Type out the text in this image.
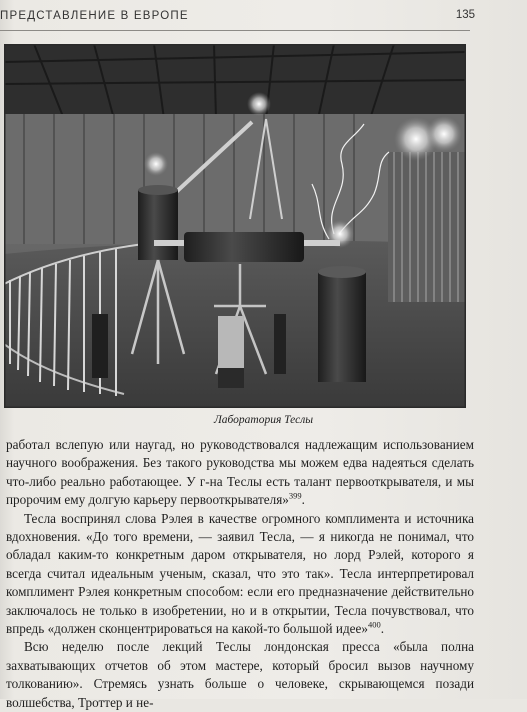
ПРЕДСТАВЛЕНИЕ В ЕВРОПЕ	135
Лаборатория Теслы

работал вслепую или наугад, но руководствовался надлежащим использованием научного воображения. Без такого руководства мы можем едва надеяться сделать что-либо реально работающее. У г-на Теслы есть талант первооткрывателя, и мы пророчим ему долгую карьеру первооткрывателя»$^{399}$.

Тесла воспринял слова Рэлея в качестве огромного комплимента и источника вдохновения. «До того времени, — заявил Тесла, — я никогда не понимал, что обладал каким-то конкретным даром открывателя, но лорд Рэлей, которого я всегда считал идеальным ученым, сказал, что это так». Тесла интерпретировал комплимент Рэлея конкретным способом: если его предназначение действительно заключалось не только в изобретении, но и в открытии, Тесла почувствовал, что впредь «должен сконцентрироваться на какой-то большой идее»$^{400}$.

Всю неделю после лекций Теслы лондонская пресса «была полна захватывающих отчетов об этом мастере, который бросил вызов научному толкованию». Стремясь узнать больше о человеке, скрывающемся позади волшебства, Троттер и не-
